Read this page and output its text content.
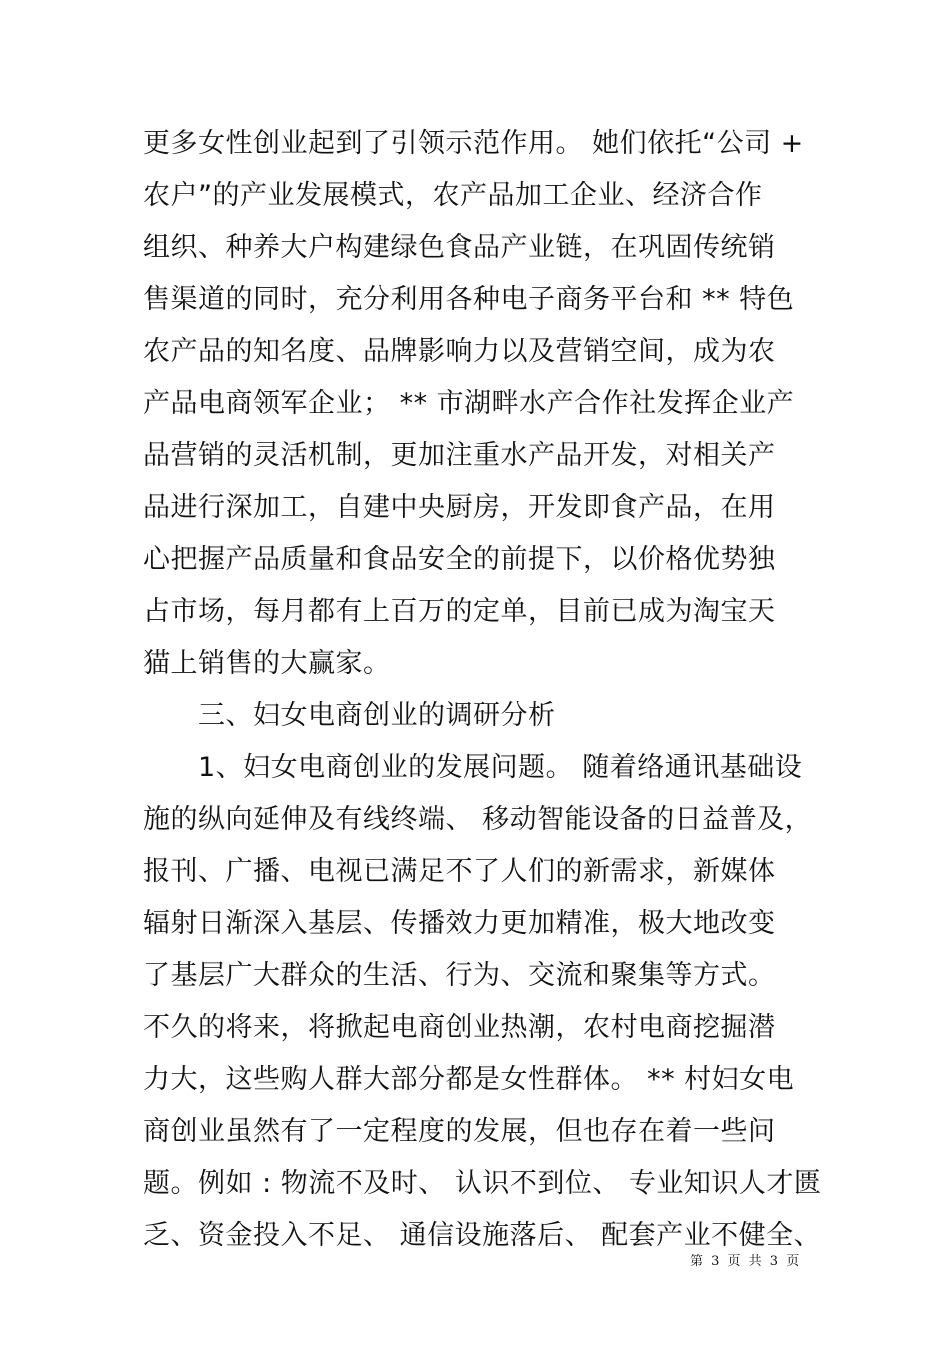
更多女性创业起到了引领示范作用。 她们依托“公司 +
农户”的产业发展模式，农产品加工企业、经济合作
组织、种养大户构建绿色食品产业链，在巩固传统销
售渠道的同时，充分利用各种电子商务平台和 ** 特色
农产品的知名度、品牌影响力以及营销空间，成为农
产品电商领军企业； ** 市湖畔水产合作社发挥企业产
品营销的灵活机制，更加注重水产品开发，对相关产
品进行深加工，自建中央厨房，开发即食产品，在用
心把握产品质量和食品安全的前提下，以价格优势独
占市场，每月都有上百万的定单，目前已成为淘宝天
猫上销售的大赢家。
三、妇女电商创业的调研分析
1、妇女电商创业的发展问题。 随着络通讯基础设
施的纵向延伸及有线终端、 移动智能设备的日益普及，
报刊、广播、电视已满足不了人们的新需求，新媒体
辐射日渐深入基层、传播效力更加精准，极大地改变
了基层广大群众的生活、行为、交流和聚集等方式。
不久的将来，将掀起电商创业热潮，农村电商挖掘潜
力大，这些购人群大部分都是女性群体。 ** 村妇女电
商创业虽然有了一定程度的发展，但也存在着一些问
题。例如 : 物流不及时、 认识不到位、 专业知识人才匮
乏、资金投入不足、 通信设施落后、 配套产业不健全、
第 3 页 共 3 页
